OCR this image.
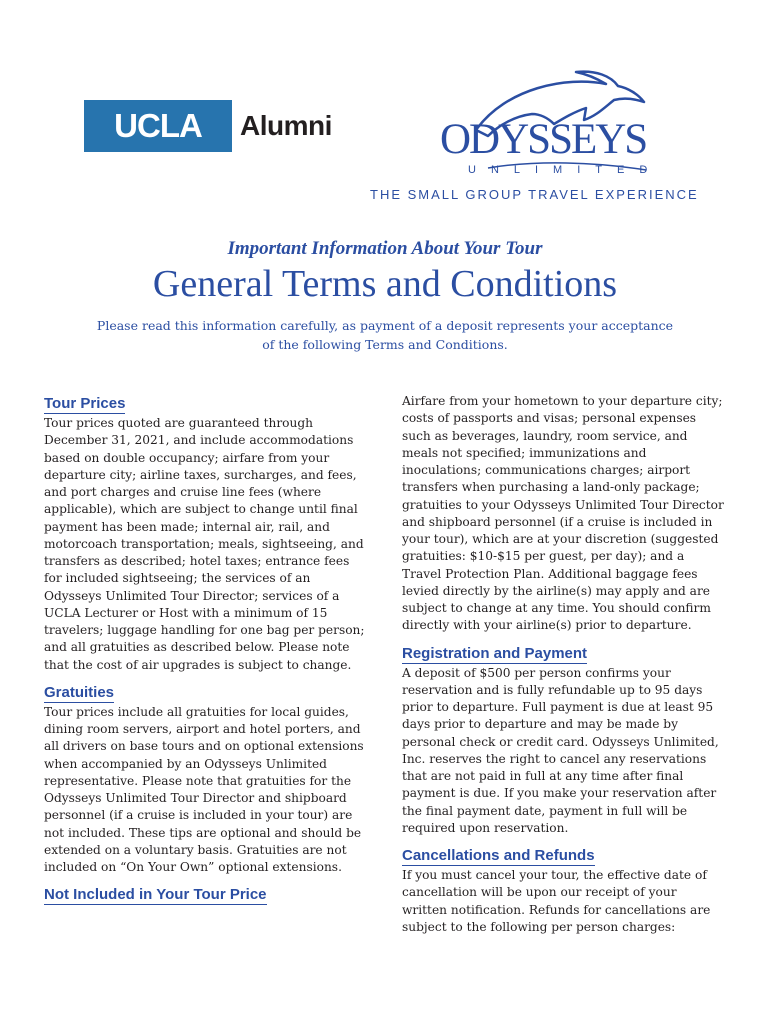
UCLA	Alumni	ODYSSEYS
UNLIMITED
THE SMALL GROUP TRAVEL EXPERIENCE
Important Information About Your Tour
General Terms and Conditions
Please read this information carefully, as payment of a deposit represents your acceptance of the following Terms and Conditions.
Tour Prices

Tour prices quoted are guaranteed through December 31, 2021, and include accommodations based on double occupancy; airfare from your departure city; airline taxes, surcharges, and fees, and port charges and cruise line fees (where applicable), which are subject to change until final payment has been made; internal air, rail, and motorcoach transportation; meals, sightseeing, and transfers as described; hotel taxes; entrance fees for included sightseeing; the services of an Odysseys Unlimited Tour Director; services of a UCLA Lecturer or Host with a minimum of 15 travelers; luggage handling for one bag per person; and all gratuities as described below. Please note that the cost of air upgrades is subject to change.

Gratuities

Tour prices include all gratuities for local guides, dining room servers, airport and hotel porters, and all drivers on base tours and on optional extensions when accompanied by an Odysseys Unlimited representative. Please note that gratuities for the Odysseys Unlimited Tour Director and shipboard personnel (if a cruise is included in your tour) are not included. These tips are optional and should be extended on a voluntary basis. Gratuities are not included on “On Your Own” optional extensions.

Not Included in Your Tour Price

Airfare from your hometown to your departure city; costs of passports and visas; personal expenses such as beverages, laundry, room service, and meals not specified; immunizations and inoculations; communications charges; airport transfers when purchasing a land-only package; gratuities to your Odysseys Unlimited Tour Director and shipboard personnel (if a cruise is included in your tour), which are at your discretion (suggested gratuities: $10-$15 per guest, per day); and a Travel Protection Plan. Additional baggage fees levied directly by the airline(s) may apply and are subject to change at any time. You should confirm directly with your airline(s) prior to departure.

Registration and Payment

A deposit of $500 per person confirms your reservation and is fully refundable up to 95 days prior to departure. Full payment is due at least 95 days prior to departure and may be made by personal check or credit card. Odysseys Unlimited, Inc. reserves the right to cancel any reservations that are not paid in full at any time after final payment is due. If you make your reservation after the final payment date, payment in full will be required upon reservation.

Cancellations and Refunds

If you must cancel your tour, the effective date of cancellation will be upon our receipt of your written notification. Refunds for cancellations are subject to the following per person charges:
